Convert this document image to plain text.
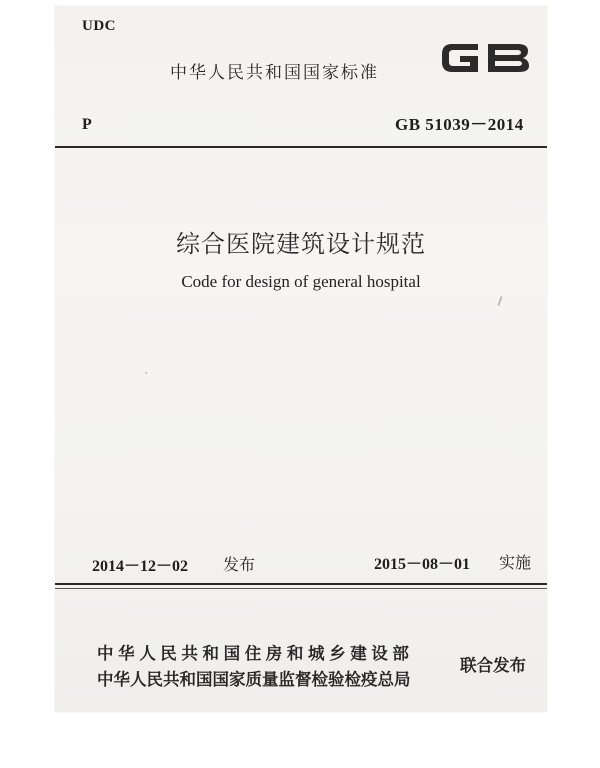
UDC
中华人民共和国国家标准
P	GB 51039－2014
综合医院建筑设计规范
Code for design of general hospital
2014－12－02 发布	2015－08－01 实施
中华人民共和国住房和城乡建设部
中华人民共和国国家质量监督检验检疫总局
联合发布
